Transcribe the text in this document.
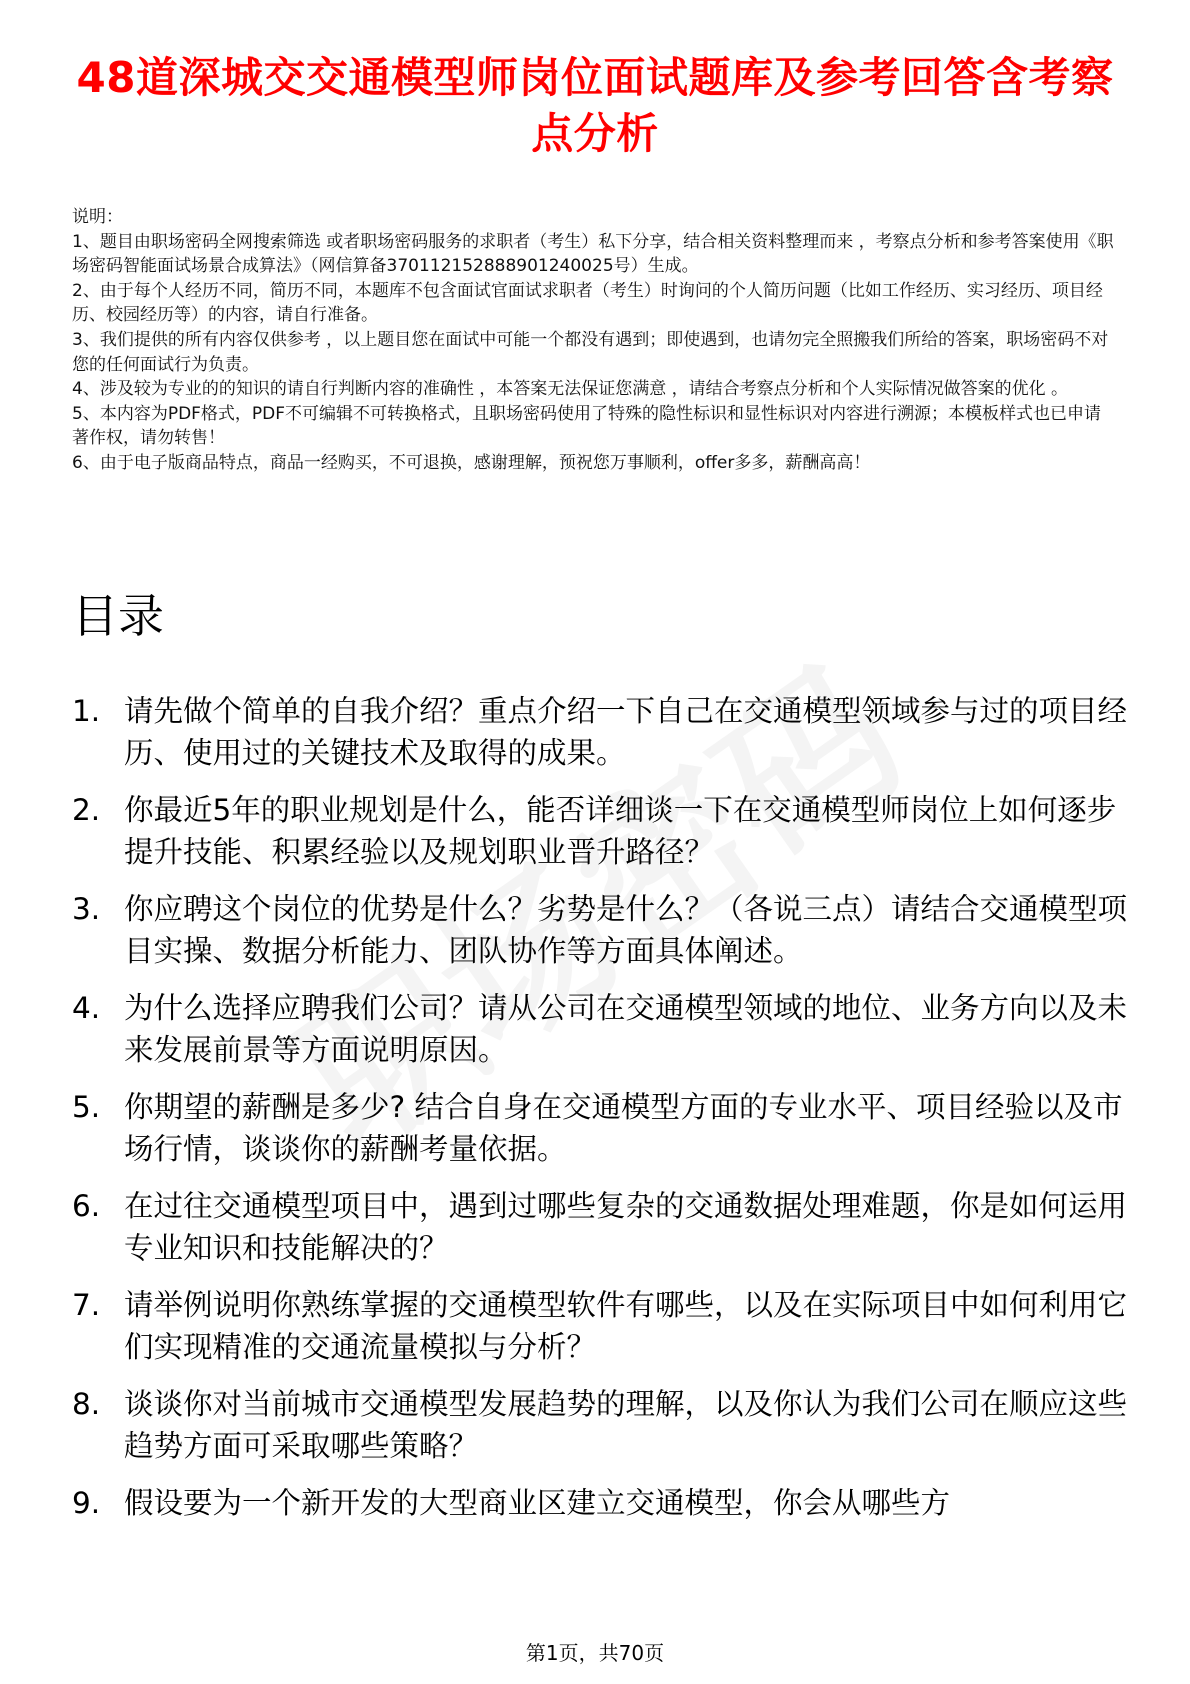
48道深城交交通模型师岗位面试题库及参考回答含考察点分析

说明：

1、题目由职场密码全网搜索筛选 或者职场密码服务的求职者（考生）私下分享，结合相关资料整理而来 ，考察点分析和参考答案使用《职场密码智能面试场景合成算法》（网信算备370112152888901240025号）生成。

2、由于每个人经历不同，简历不同，本题库不包含面试官面试求职者（考生）时询问的个人简历问题（比如工作经历、实习经历、项目经历、校园经历等）的内容，请自行准备。

3、我们提供的所有内容仅供参考 ，以上题目您在面试中可能一个都没有遇到；即使遇到，也请勿完全照搬我们所给的答案，职场密码不对您的任何面试行为负责。

4、涉及较为专业的的知识的请自行判断内容的准确性 ，本答案无法保证您满意 ，请结合考察点分析和个人实际情况做答案的优化 。

5、本内容为PDF格式，PDF不可编辑不可转换格式，且职场密码使用了特殊的隐性标识和显性标识对内容进行溯源；本模板样式也已申请著作权，请勿转售！

6、由于电子版商品特点，商品一经购买，不可退换，感谢理解，预祝您万事顺利，offer多多，薪酬高高！

目录
1. 请先做个简单的自我介绍？重点介绍一下自己在交通模型领域参与过的项目经历、使用过的关键技术及取得的成果。
2. 你最近5年的职业规划是什么，能否详细谈一下在交通模型师岗位上如何逐步提升技能、积累经验以及规划职业晋升路径？
3. 你应聘这个岗位的优势是什么？劣势是什么？（各说三点）请结合交通模型项目实操、数据分析能力、团队协作等方面具体阐述。
4. 为什么选择应聘我们公司？请从公司在交通模型领域的地位、业务方向以及未来发展前景等方面说明原因。
5. 你期望的薪酬是多少? 结合自身在交通模型方面的专业水平、项目经验以及市场行情，谈谈你的薪酬考量依据。
6. 在过往交通模型项目中，遇到过哪些复杂的交通数据处理难题，你是如何运用专业知识和技能解决的？
7. 请举例说明你熟练掌握的交通模型软件有哪些，以及在实际项目中如何利用它们实现精准的交通流量模拟与分析？
8. 谈谈你对当前城市交通模型发展趋势的理解，以及你认为我们公司在顺应这些趋势方面可采取哪些策略？
9. 假设要为一个新开发的大型商业区建立交通模型，你会从哪些方
第1页，共70页
